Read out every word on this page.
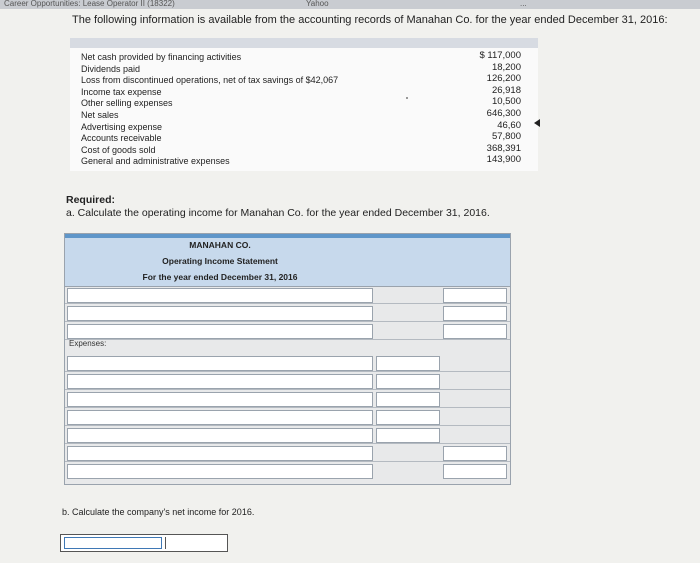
Career Opportunities: Lease Operator II (18322)	Yahoo	...
The following information is available from the accounting records of Manahan Co. for the year ended December 31, 2016:
Net cash provided by financing activities
Dividends paid
Loss from discontinued operations, net of tax savings of $42,067
Income tax expense
Other selling expenses
Net sales
Advertising expense
Accounts receivable
Cost of goods sold
General and administrative expenses
$ 117,000
18,200
126,200
26,918
10,500
646,300
46,60
57,800
368,391
143,900
Required:
a. Calculate the operating income for Manahan Co. for the year ended December 31, 2016.
MANAHAN CO.
Operating Income Statement
For the year ended December 31, 2016
Expenses:
b. Calculate the company's net income for 2016.
